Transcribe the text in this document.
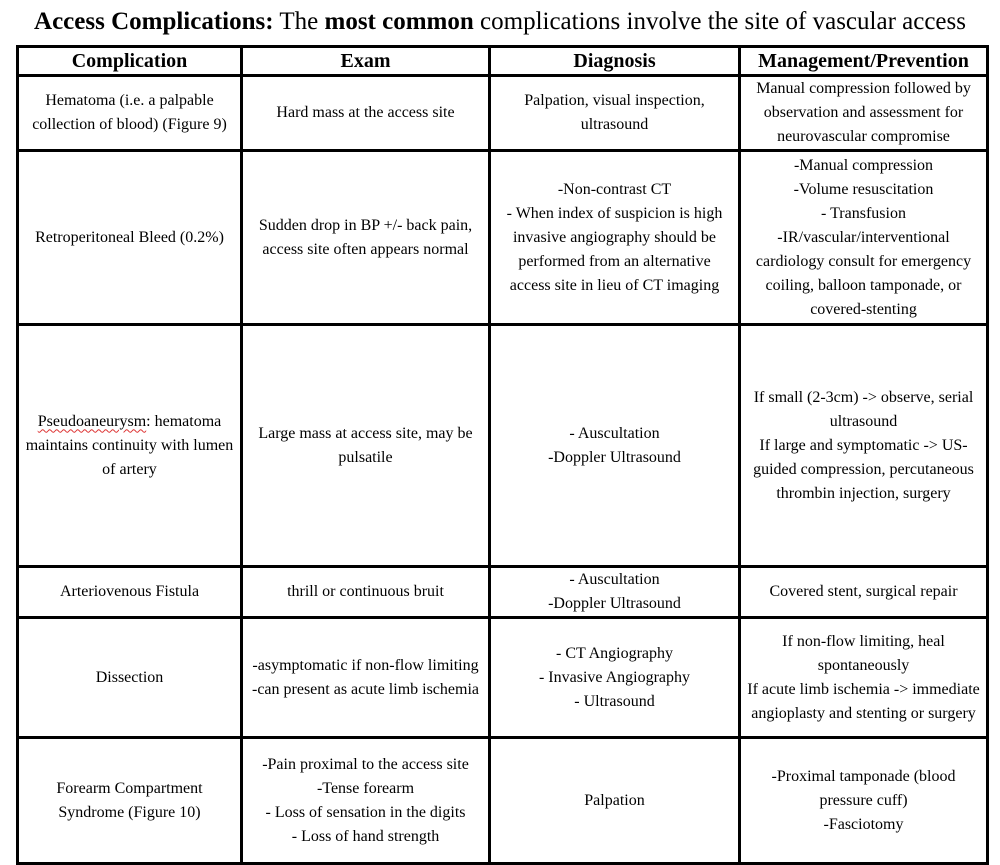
Access Complications: The most common complications involve the site of vascular access
Complication	Exam	Diagnosis	Management/Prevention

Hematoma (i.e. a palpable collection of blood) (Figure 9)	Hard mass at the access site	Palpation, visual inspection, ultrasound	Manual compression followed by observation and assessment for neurovascular compromise

Retroperitoneal Bleed (0.2%)	Sudden drop in BP +/- back pain, access site often appears normal	-Non-contrast CT
- When index of suspicion is high invasive angiography should be performed from an alternative access site in lieu of CT imaging	-Manual compression
-Volume resuscitation
- Transfusion
-IR/vascular/interventional cardiology consult for emergency coiling, balloon tamponade, or covered-stenting

Pseudoaneurysm: hematoma maintains continuity with lumen of artery	Large mass at access site, may be pulsatile	- Auscultation
-Doppler Ultrasound	If small (2-3cm) -> observe, serial ultrasound
If large and symptomatic -> US-guided compression, percutaneous thrombin injection, surgery

Arteriovenous Fistula	thrill or continuous bruit	- Auscultation
-Doppler Ultrasound	Covered stent, surgical repair

Dissection	-asymptomatic if non-flow limiting
-can present as acute limb ischemia	- CT Angiography
- Invasive Angiography
- Ultrasound	If non-flow limiting, heal spontaneously
If acute limb ischemia -> immediate angioplasty and stenting or surgery

Forearm Compartment Syndrome (Figure 10)	-Pain proximal to the access site
-Tense forearm
- Loss of sensation in the digits
- Loss of hand strength	Palpation	-Proximal tamponade (blood pressure cuff)
-Fasciotomy
